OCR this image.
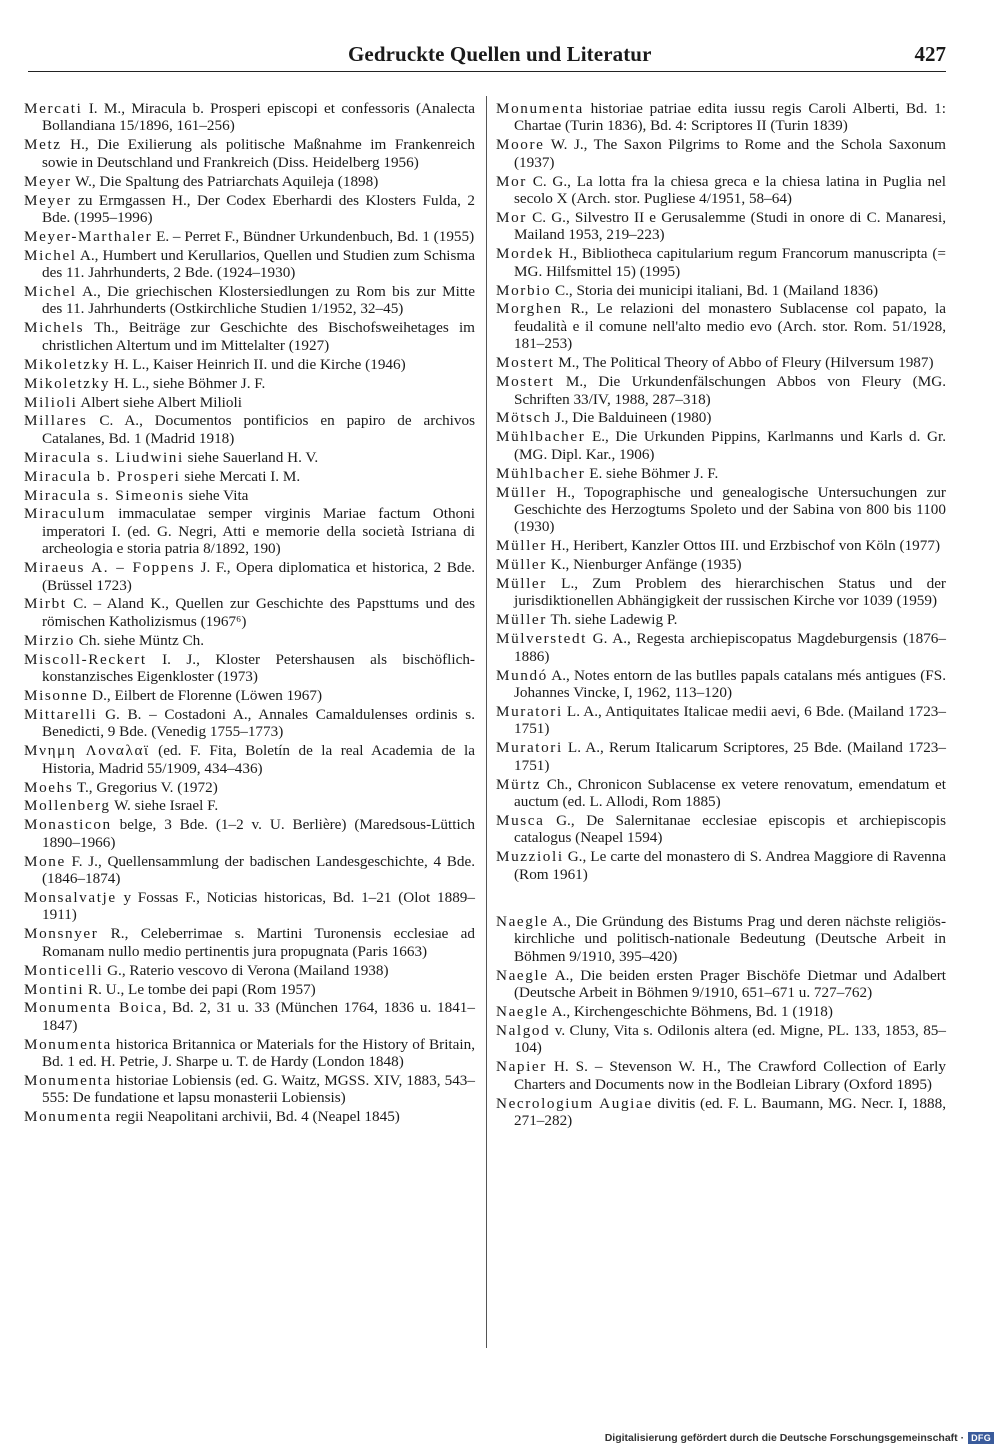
Gedruckte Quellen und Literatur	427

Mercati I. M., Miracula b. Prosperi episcopi et confessoris (Analecta Bollandiana 15/1896, 161–256)

Metz H., Die Exilierung als politische Maßnahme im Frankenreich sowie in Deutschland und Frankreich (Diss. Heidelberg 1956)

Meyer W., Die Spaltung des Patriarchats Aquileja (1898)

Meyer zu Ermgassen H., Der Codex Eberhardi des Klosters Fulda, 2 Bde. (1995–1996)

Meyer-Marthaler E. – Perret F., Bündner Urkundenbuch, Bd. 1 (1955)

Michel A., Humbert und Kerullarios, Quellen und Studien zum Schisma des 11. Jahrhunderts, 2 Bde. (1924–1930)

Michel A., Die griechischen Klostersiedlungen zu Rom bis zur Mitte des 11. Jahrhunderts (Ostkirchliche Studien 1/1952, 32–45)

Michels Th., Beiträge zur Geschichte des Bischofsweihetages im christlichen Altertum und im Mittelalter (1927)

Mikoletzky H. L., Kaiser Heinrich II. und die Kirche (1946)

Mikoletzky H. L., siehe Böhmer J. F.

Milioli Albert siehe Albert Milioli

Millares C. A., Documentos pontificios en papiro de archivos Catalanes, Bd. 1 (Madrid 1918)

Miracula s. Liudwini siehe Sauerland H. V.

Miracula b. Prosperi siehe Mercati I. M.

Miracula s. Simeonis siehe Vita

Miraculum immaculatae semper virginis Mariae factum Othoni imperatori I. (ed. G. Negri, Atti e memorie della società Istriana di archeologia e storia patria 8/1892, 190)

Miraeus A. – Foppens J. F., Opera diplomatica et historica, 2 Bde. (Brüssel 1723)

Mirbt C. – Aland K., Quellen zur Geschichte des Papsttums und des römischen Katholizismus (1967⁶)

Mirzio Ch. siehe Müntz Ch.

Miscoll-Reckert I. J., Kloster Petershausen als bischöflich-konstanzisches Eigenkloster (1973)

Misonne D., Eilbert de Florenne (Löwen 1967)

Mittarelli G. B. – Costadoni A., Annales Camaldulenses ordinis s. Benedicti, 9 Bde. (Venedig 1755–1773)

Μνημη Λοναλαϊ (ed. F. Fita, Boletín de la real Academia de la Historia, Madrid 55/1909, 434–436)

Moehs T., Gregorius V. (1972)

Mollenberg W. siehe Israel F.

Monasticon belge, 3 Bde. (1–2 v. U. Berlière) (Maredsous-Lüttich 1890–1966)

Mone F. J., Quellensammlung der badischen Landesgeschichte, 4 Bde. (1846–1874)

Monsalvatje y Fossas F., Noticias historicas, Bd. 1–21 (Olot 1889–1911)

Monsnyer R., Celeberrimae s. Martini Turonensis ecclesiae ad Romanam nullo medio pertinentis jura propugnata (Paris 1663)

Monticelli G., Raterio vescovo di Verona (Mailand 1938)

Montini R. U., Le tombe dei papi (Rom 1957)

Monumenta Boica, Bd. 2, 31 u. 33 (München 1764, 1836 u. 1841–1847)

Monumenta historica Britannica or Materials for the History of Britain, Bd. 1 ed. H. Petrie, J. Sharpe u. T. de Hardy (London 1848)

Monumenta historiae Lobiensis (ed. G. Waitz, MGSS. XIV, 1883, 543–555: De fundatione et lapsu monasterii Lobiensis)

Monumenta regii Neapolitani archivii, Bd. 4 (Neapel 1845)

Monumenta historiae patriae edita iussu regis Caroli Alberti, Bd. 1: Chartae (Turin 1836), Bd. 4: Scriptores II (Turin 1839)

Moore W. J., The Saxon Pilgrims to Rome and the Schola Saxonum (1937)

Mor C. G., La lotta fra la chiesa greca e la chiesa latina in Puglia nel secolo X (Arch. stor. Pugliese 4/1951, 58–64)

Mor C. G., Silvestro II e Gerusalemme (Studi in onore di C. Manaresi, Mailand 1953, 219–223)

Mordek H., Bibliotheca capitularium regum Francorum manuscripta (= MG. Hilfsmittel 15) (1995)

Morbio C., Storia dei municipi italiani, Bd. 1 (Mailand 1836)

Morghen R., Le relazioni del monastero Sublacense col papato, la feudalità e il comune nell'alto medio evo (Arch. stor. Rom. 51/1928, 181–253)

Mostert M., The Political Theory of Abbo of Fleury (Hilversum 1987)

Mostert M., Die Urkundenfälschungen Abbos von Fleury (MG. Schriften 33/IV, 1988, 287–318)

Mötsch J., Die Balduineen (1980)

Mühlbacher E., Die Urkunden Pippins, Karlmanns und Karls d. Gr. (MG. Dipl. Kar., 1906)

Mühlbacher E. siehe Böhmer J. F.

Müller H., Topographische und genealogische Untersuchungen zur Geschichte des Herzogtums Spoleto und der Sabina von 800 bis 1100 (1930)

Müller H., Heribert, Kanzler Ottos III. und Erzbischof von Köln (1977)

Müller K., Nienburger Anfänge (1935)

Müller L., Zum Problem des hierarchischen Status und der jurisdiktionellen Abhängigkeit der russischen Kirche vor 1039 (1959)

Müller Th. siehe Ladewig P.

Mülverstedt G. A., Regesta archiepiscopatus Magdeburgensis (1876–1886)

Mundó A., Notes entorn de las butlles papals catalans més antigues (FS. Johannes Vincke, I, 1962, 113–120)

Muratori L. A., Antiquitates Italicae medii aevi, 6 Bde. (Mailand 1723–1751)

Muratori L. A., Rerum Italicarum Scriptores, 25 Bde. (Mailand 1723–1751)

Mürtz Ch., Chronicon Sublacense ex vetere renovatum, emendatum et auctum (ed. L. Allodi, Rom 1885)

Musca G., De Salernitanae ecclesiae episcopis et archiepiscopis catalogus (Neapel 1594)

Muzzioli G., Le carte del monastero di S. Andrea Maggiore di Ravenna (Rom 1961)

Naegle A., Die Gründung des Bistums Prag und deren nächste religiös-kirchliche und politisch-nationale Bedeutung (Deutsche Arbeit in Böhmen 9/1910, 395–420)

Naegle A., Die beiden ersten Prager Bischöfe Dietmar und Adalbert (Deutsche Arbeit in Böhmen 9/1910, 651–671 u. 727–762)

Naegle A., Kirchengeschichte Böhmens, Bd. 1 (1918)

Nalgod v. Cluny, Vita s. Odilonis altera (ed. Migne, PL. 133, 1853, 85–104)

Napier H. S. – Stevenson W. H., The Crawford Collection of Early Charters and Documents now in the Bodleian Library (Oxford 1895)

Necrologium Augiae divitis (ed. F. L. Baumann, MG. Necr. I, 1888, 271–282)

Digitalisierung gefördert durch die Deutsche Forschungsgemeinschaft · DFG
